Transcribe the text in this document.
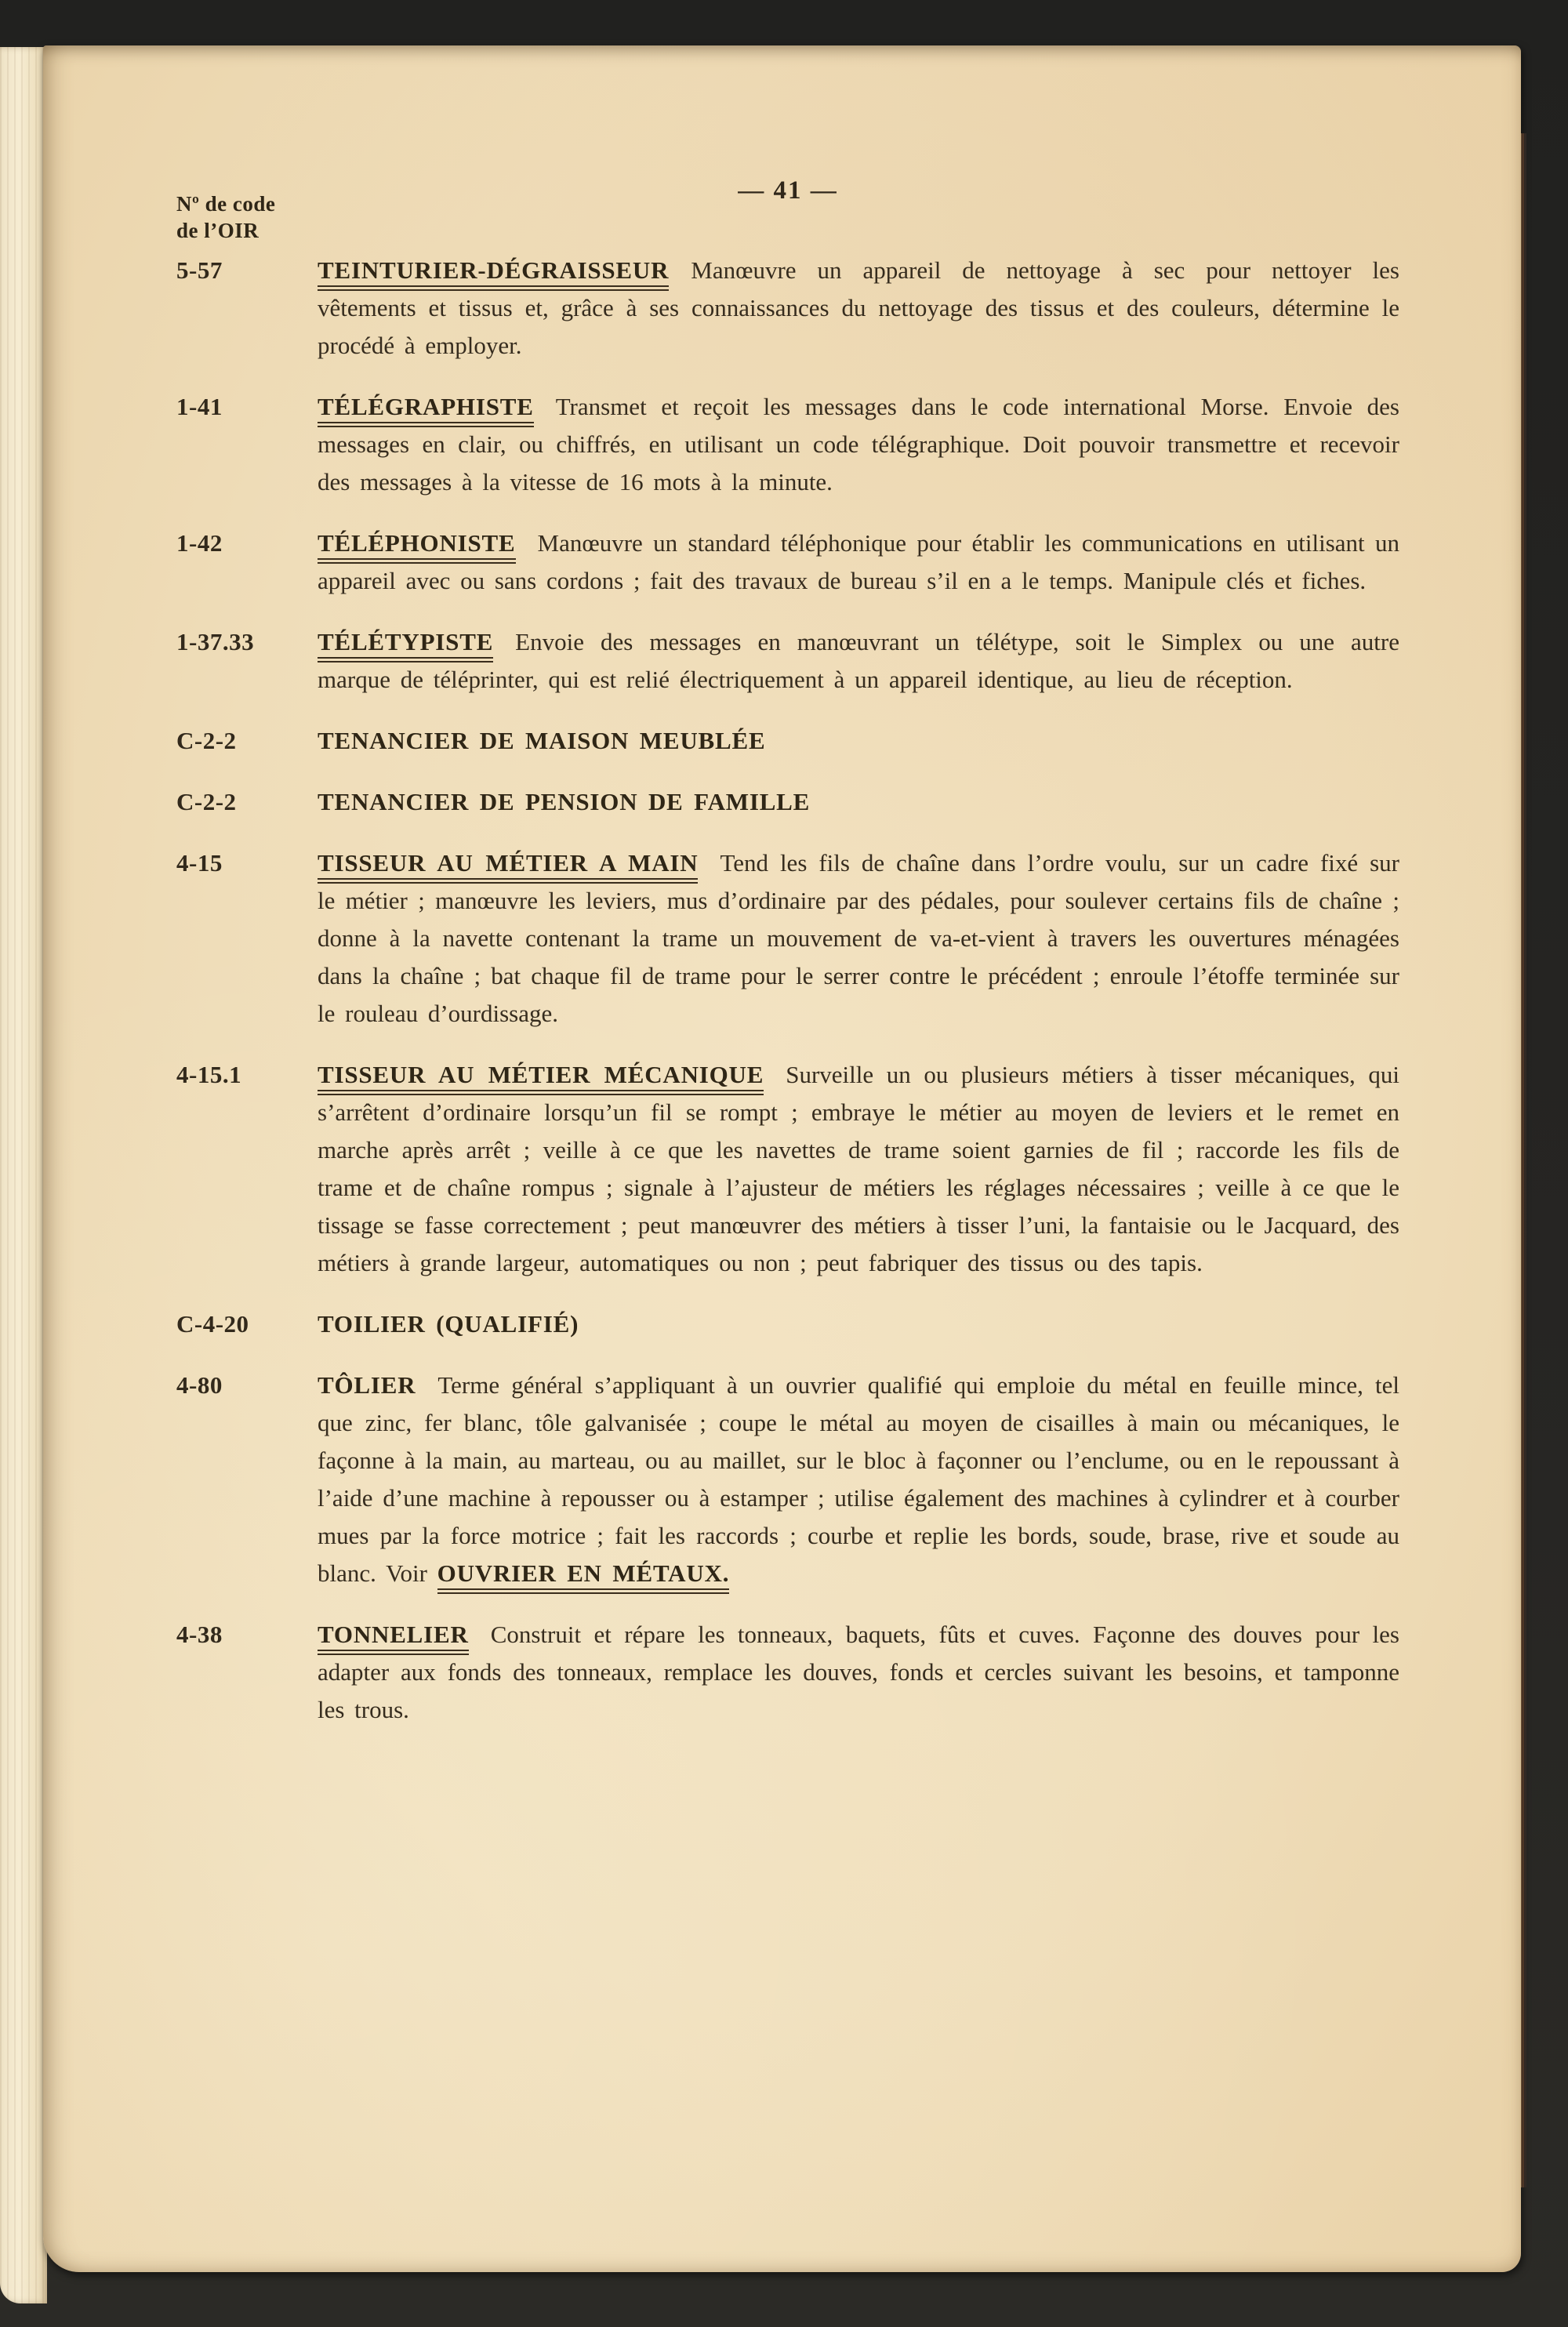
— 41 —
Nº de code
de l’OIR
5-57	TEINTURIER-DÉGRAISSEUR Manœuvre un appareil de nettoyage à sec pour nettoyer les vêtements et tissus et, grâce à ses connaissances du nettoyage des tissus et des couleurs, détermine le procédé à employer.
1-41	TÉLÉGRAPHISTE Transmet et reçoit les messages dans le code international Morse. Envoie des messages en clair, ou chiffrés, en utilisant un code télégraphique. Doit pouvoir transmettre et recevoir des messages à la vitesse de 16 mots à la minute.
1-42	TÉLÉPHONISTE Manœuvre un standard téléphonique pour établir les communications en utilisant un appareil avec ou sans cordons ; fait des travaux de bureau s’il en a le temps. Manipule clés et fiches.
1-37.33	TÉLÉTYPISTE Envoie des messages en manœuvrant un télétype, soit le Simplex ou une autre marque de téléprinter, qui est relié électriquement à un appareil identique, au lieu de réception.
C-2-2	TENANCIER DE MAISON MEUBLÉE
C-2-2	TENANCIER DE PENSION DE FAMILLE
4-15	TISSEUR AU MÉTIER A MAIN Tend les fils de chaîne dans l’ordre voulu, sur un cadre fixé sur le métier ; manœuvre les leviers, mus d’ordinaire par des pédales, pour soulever certains fils de chaîne ; donne à la navette contenant la trame un mouvement de va-et-vient à travers les ouvertures ménagées dans la chaîne ; bat chaque fil de trame pour le serrer contre le précédent ; enroule l’étoffe terminée sur le rouleau d’ourdissage.
4-15.1	TISSEUR AU MÉTIER MÉCANIQUE Surveille un ou plusieurs métiers à tisser mécaniques, qui s’arrêtent d’ordinaire lorsqu’un fil se rompt ; embraye le métier au moyen de leviers et le remet en marche après arrêt ; veille à ce que les navettes de trame soient garnies de fil ; raccorde les fils de trame et de chaîne rompus ; signale à l’ajusteur de métiers les réglages nécessaires ; veille à ce que le tissage se fasse correctement ; peut manœuvrer des métiers à tisser l’uni, la fantaisie ou le Jacquard, des métiers à grande largeur, automatiques ou non ; peut fabriquer des tissus ou des tapis.
C-4-20	TOILIER (QUALIFIÉ)
4-80	TÔLIER Terme général s’appliquant à un ouvrier qualifié qui emploie du métal en feuille mince, tel que zinc, fer blanc, tôle galvanisée ; coupe le métal au moyen de cisailles à main ou mécaniques, le façonne à la main, au marteau, ou au maillet, sur le bloc à façonner ou l’enclume, ou en le repoussant à l’aide d’une machine à repousser ou à estamper ; utilise également des machines à cylindrer et à courber mues par la force motrice ; fait les raccords ; courbe et replie les bords, soude, brase, rive et soude au blanc. Voir OUVRIER EN MÉTAUX.
4-38	TONNELIER Construit et répare les tonneaux, baquets, fûts et cuves. Façonne des douves pour les adapter aux fonds des tonneaux, remplace les douves, fonds et cercles suivant les besoins, et tamponne les trous.
